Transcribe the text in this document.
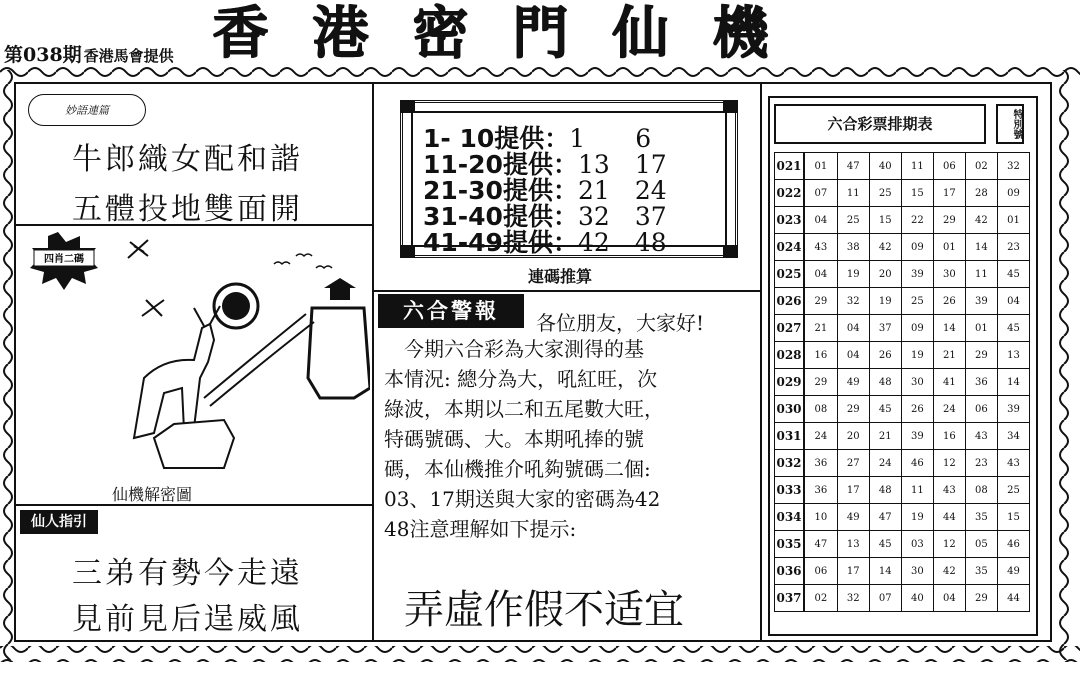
第038期 香港馬會提供 香港密門仙機
妙語連篇
牛郎織女配和諧
五體投地雙面開
四肖二碼
仙機解密圖
仙人指引
三弟有勢今走遠
見前見后逞威風
1- 10提供：1　　 6
11-20提供：13　 17
21-30提供：21　 24
31-40提供：32　 37
41-49提供：42　 48
連碼推算
六合警報	各位朋友，大家好!
　今期六合彩為大家測得的基
本情況: 總分為大，吼紅旺，次
綠波，本期以二和五尾數大旺，
特碼號碼、大。本期吼捧的號
碼，本仙機推介吼夠號碼二個:
03、17期送與大家的密碼為42
48注意理解如下提示:
弄虛作假不适宜
六合彩票排期表	特別號
021	01	47	40	11	06	02	32
022	07	11	25	15	17	28	09
023	04	25	15	22	29	42	01
024	43	38	42	09	01	14	23
025	04	19	20	39	30	11	45
026	29	32	19	25	26	39	04
027	21	04	37	09	14	01	45
028	16	04	26	19	21	29	13
029	29	49	48	30	41	36	14
030	08	29	45	26	24	06	39
031	24	20	21	39	16	43	34
032	36	27	24	46	12	23	43
033	36	17	48	11	43	08	25
034	10	49	47	19	44	35	15
035	47	13	45	03	12	05	46
036	06	17	14	30	42	35	49
037	02	32	07	40	04	29	44
